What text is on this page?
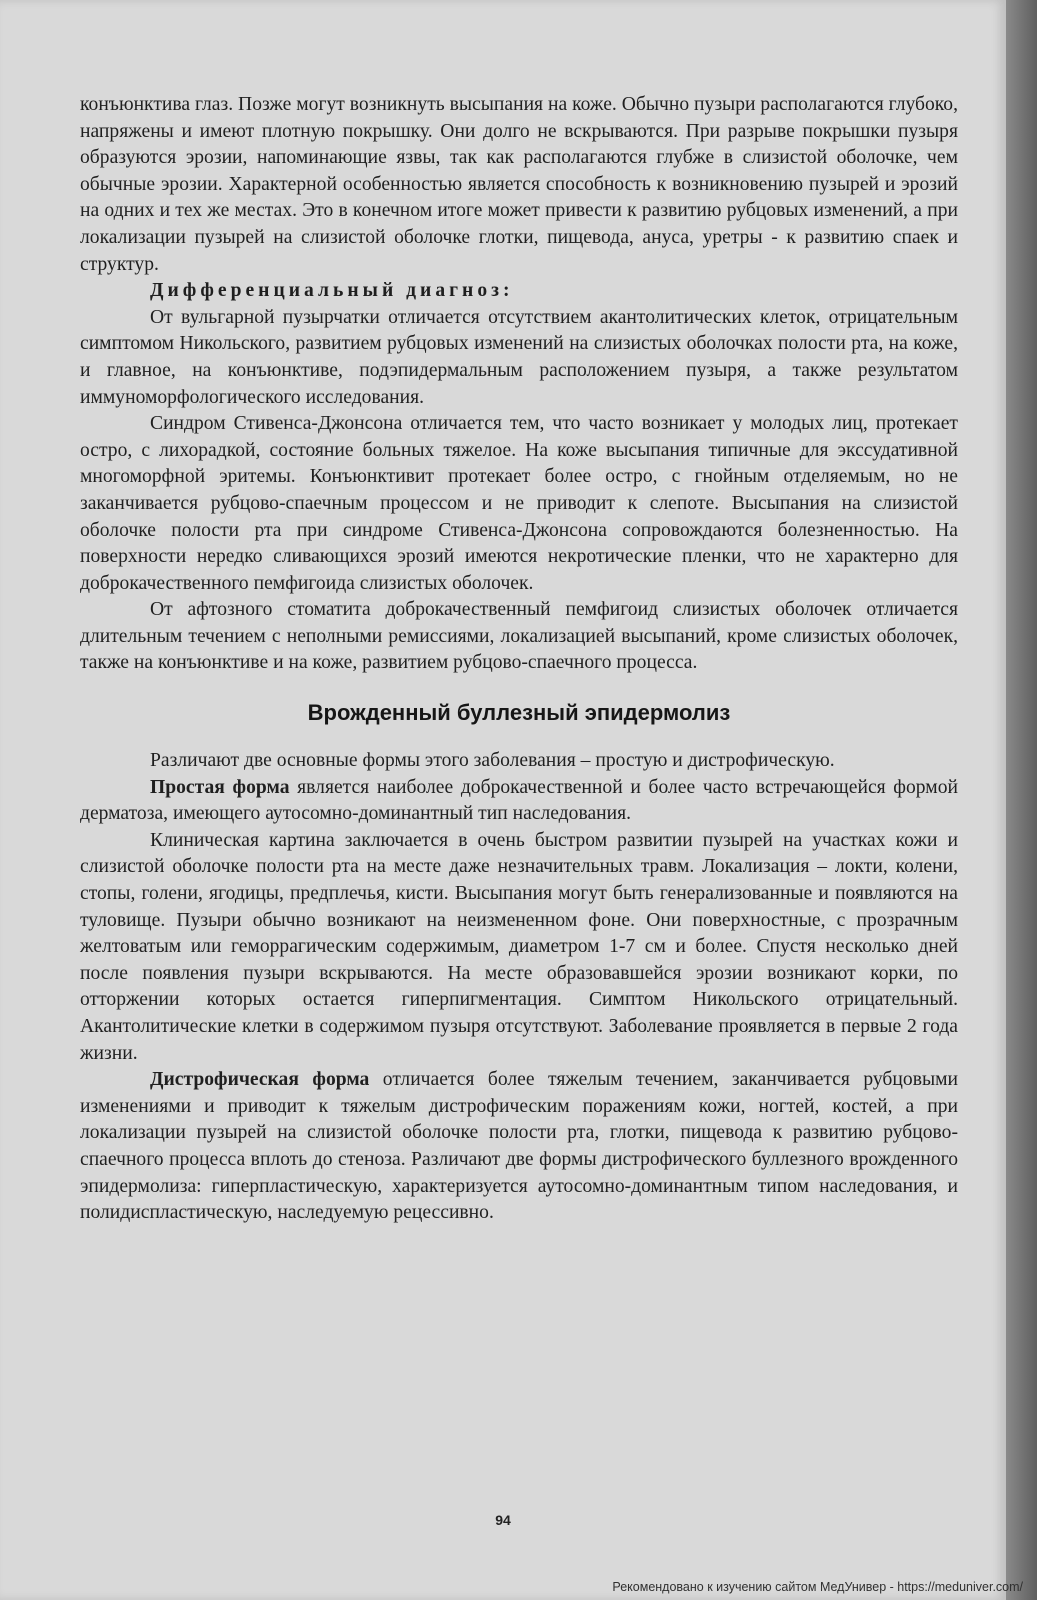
конъюнктива глаз. Позже могут возникнуть высыпания на коже. Обычно пузыри располагаются глубоко, напряжены и имеют плотную покрышку. Они долго не вскрываются. При разрыве покрышки пузыря образуются эрозии, напоминающие язвы, так как располагаются глубже в слизистой оболочке, чем обычные эрозии. Характерной особенностью является способность к возникновению пузырей и эрозий на одних и тех же местах. Это в конечном итоге может привести к развитию рубцовых изменений, а при локализации пузырей на слизистой оболочке глотки, пищевода, ануса, уретры - к развитию спаек и структур.

Дифференциальный диагноз:

От вульгарной пузырчатки отличается отсутствием акантолитических клеток, отрицательным симптомом Никольского, развитием рубцовых изменений на слизистых оболочках полости рта, на коже, и главное, на конъюнктиве, подэпидермальным расположением пузыря, а также результатом иммуноморфологического исследования.

Синдром Стивенса-Джонсона отличается тем, что часто возникает у молодых лиц, протекает остро, с лихорадкой, состояние больных тяжелое. На коже высыпания типичные для экссудативной многоморфной эритемы. Конъюнктивит протекает более остро, с гнойным отделяемым, но не заканчивается рубцово-спаечным процессом и не приводит к слепоте. Высыпания на слизистой оболочке полости рта при синдроме Стивенса-Джонсона сопровождаются болезненностью. На поверхности нередко сливающихся эрозий имеются некротические пленки, что не характерно для доброкачественного пемфигоида слизистых оболочек.

От афтозного стоматита доброкачественный пемфигоид слизистых оболочек отличается длительным течением с неполными ремиссиями, локализацией высыпаний, кроме слизистых оболочек, также на конъюнктиве и на коже, развитием рубцово-спаечного процесса.

Врожденный буллезный эпидермолиз

Различают две основные формы этого заболевания – простую и дистрофическую.

Простая форма является наиболее доброкачественной и более часто встречающейся формой дерматоза, имеющего аутосомно-доминантный тип наследования.

Клиническая картина заключается в очень быстром развитии пузырей на участках кожи и слизистой оболочке полости рта на месте даже незначительных травм. Локализация – локти, колени, стопы, голени, ягодицы, предплечья, кисти. Высыпания могут быть генерализованные и появляются на туловище. Пузыри обычно возникают на неизмененном фоне. Они поверхностные, с прозрачным желтоватым или геморрагическим содержимым, диаметром 1-7 см и более. Спустя несколько дней после появления пузыри вскрываются. На месте образовавшейся эрозии возникают корки, по отторжении которых остается гиперпигментация. Симптом Никольского отрицательный. Акантолитические клетки в содержимом пузыря отсутствуют. Заболевание проявляется в первые 2 года жизни.

Дистрофическая форма отличается более тяжелым течением, заканчивается рубцовыми изменениями и приводит к тяжелым дистрофическим поражениям кожи, ногтей, костей, а при локализации пузырей на слизистой оболочке полости рта, глотки, пищевода к развитию рубцово-спаечного процесса вплоть до стеноза. Различают две формы дистрофического буллезного врожденного эпидермолиза: гиперпластическую, характеризуется аутосомно-доминантным типом наследования, и полидиспластическую, наследуемую рецессивно.

94
Рекомендовано к изучению сайтом МедУнивер - https://meduniver.com/
